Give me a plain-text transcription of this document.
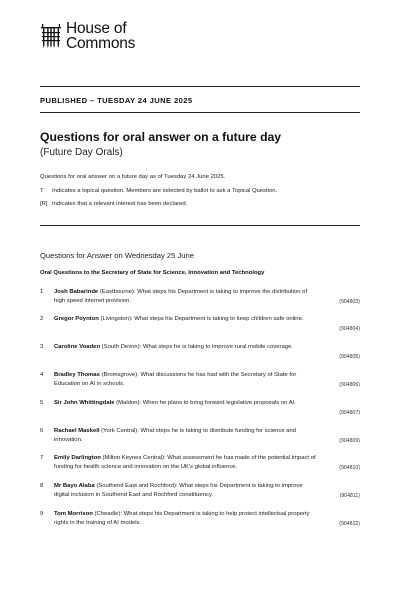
House of
Commons
PUBLISHED – TUESDAY 24 JUNE 2025
Questions for oral answer on a future day
(Future Day Orals)
Questions for oral answer on a future day as of Tuesday 24 June 2025.
T	Indicates a topical question. Members are selected by ballot to ask a Topical Question.
[R] Indicates that a relevant interest has been declared.
Questions for Answer on Wednesday 25 June
Oral Questions to the Secretary of State for Science, Innovation and Technology
1 Josh Babarinde (Eastbourne): What steps his Department is taking to improve the distribution of high speed internet provision.	(904803)
2 Gregor Poynton (Livingston): What steps his Department is taking to keep children safe online.
(904804)
3 Caroline Voaden (South Devon): What steps he is taking to improve rural mobile coverage.
(904805)
4 Bradley Thomas (Bromsgrove): What discussions he has had with the Secretary of State for Education on AI in schools.	(904806)
5 Sir John Whittingdale (Maldon): When he plans to bring forward legislative proposals on AI.
(904807)
6 Rachael Maskell (York Central): What steps he is taking to distribute funding for science and innovation.	(904809)
7 Emily Darlington (Milton Keynes Central): What assessment he has made of the potential impact of funding for health science and innovation on the UK's global influence.	(904810)
8 Mr Bayo Alaba (Southend East and Rochford): What steps his Department is taking to improve digital inclusion in Southend East and Rochford constituency.	(904811)
9 Tom Morrison (Cheadle): What steps his Department is taking to help protect intellectual property rights in the training of AI models.	(904812)
